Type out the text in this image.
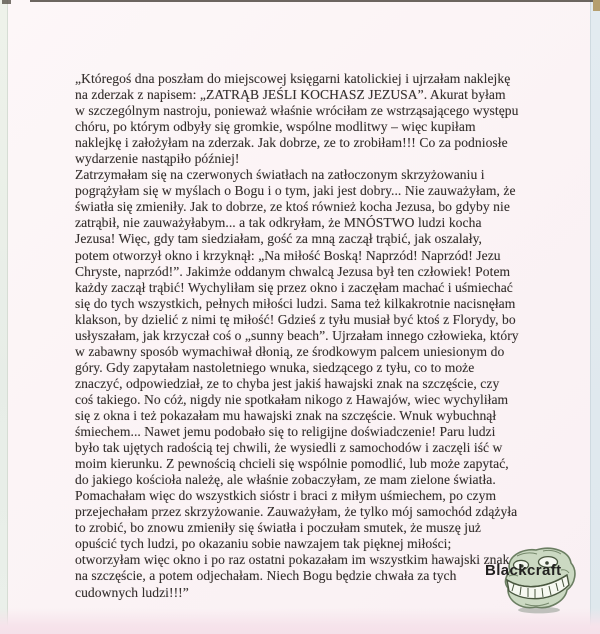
Blackcraft
„Któregoś dna poszłam do miejscowej księgarni katolickiej i ujrzałam naklejkę
na zderzak z napisem: „ZATRĄB JEŚLI KOCHASZ JEZUSA”. Akurat byłam
w szczególnym nastroju, ponieważ właśnie wróciłam ze wstrząsającego występu
chóru, po którym odbyły się gromkie, wspólne modlitwy – więc kupiłam
naklejkę i założyłam na zderzak. Jak dobrze, ze to zrobiłam!!! Co za podniosłe
wydarzenie nastąpiło później!
Zatrzymałam się na czerwonych światłach na zatłoczonym skrzyżowaniu i
pogrążyłam się w myślach o Bogu i o tym, jaki jest dobry... Nie zauważyłam, że
światła się zmieniły. Jak to dobrze, ze ktoś również kocha Jezusa, bo gdyby nie
zatrąbił, nie zauważyłabym... a tak odkryłam, że MNÓSTWO ludzi kocha
Jezusa! Więc, gdy tam siedziałam, gość za mną zaczął trąbić, jak oszalały,
potem otworzył okno i krzyknął: „Na miłość Boską! Naprzód! Naprzód! Jezu
Chryste, naprzód!”. Jakimże oddanym chwalcą Jezusa był ten człowiek! Potem
każdy zaczął trąbić! Wychyliłam się przez okno i zaczęłam machać i uśmiechać
się do tych wszystkich, pełnych miłości ludzi. Sama też kilkakrotnie nacisnęłam
klakson, by dzielić z nimi tę miłość! Gdzieś z tyłu musiał być ktoś z Florydy, bo
usłyszałam, jak krzyczał coś o „sunny beach”. Ujrzałam innego człowieka, który
w zabawny sposób wymachiwał dłonią, ze środkowym palcem uniesionym do
góry. Gdy zapytałam nastoletniego wnuka, siedzącego z tyłu, co to może
znaczyć, odpowiedział, ze to chyba jest jakiś hawajski znak na szczęście, czy
coś takiego. No cóż, nigdy nie spotkałam nikogo z Hawajów, wiec wychyliłam
się z okna i też pokazałam mu hawajski znak na szczęście. Wnuk wybuchnął
śmiechem... Nawet jemu podobało się to religijne doświadczenie! Paru ludzi
było tak ujętych radością tej chwili, że wysiedli z samochodów i zaczęli iść w
moim kierunku. Z pewnością chcieli się wspólnie pomodlić, lub może zapytać,
do jakiego kościoła należę, ale właśnie zobaczyłam, ze mam zielone światła.
Pomachałam więc do wszystkich sióstr i braci z miłym uśmiechem, po czym
przejechałam przez skrzyżowanie. Zauważyłam, że tylko mój samochód zdążyła
to zrobić, bo znowu zmieniły się światła i poczułam smutek, że muszę już
opuścić tych ludzi, po okazaniu sobie nawzajem tak pięknej miłości;
otworzyłam więc okno i po raz ostatni pokazałam im wszystkim hawajski znak
na szczęście, a potem odjechałam. Niech Bogu będzie chwała za tych
cudownych ludzi!!!”
